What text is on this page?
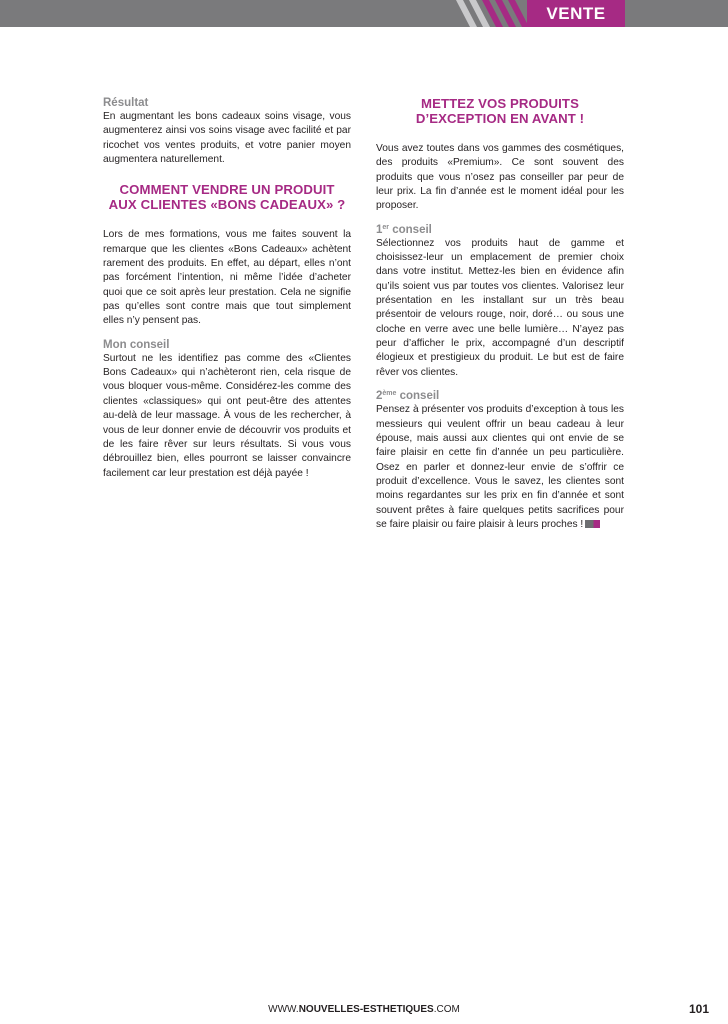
VENTE

Résultat

En augmentant les bons cadeaux soins visage, vous augmenterez ainsi vos soins visage avec facilité et par ricochet vos ventes produits, et votre panier moyen augmentera naturellement.

COMMENT VENDRE UN PRODUIT
AUX CLIENTES «BONS CADEAUX» ?

Lors de mes formations, vous me faites souvent la remarque que les clientes «Bons Cadeaux» achètent rarement des produits. En effet, au départ, elles n’ont pas forcément l’intention, ni même l’idée d’acheter quoi que ce soit après leur prestation. Cela ne signifie pas qu’elles sont contre mais que tout simplement elles n’y pensent pas.

Mon conseil

Surtout ne les identifiez pas comme des «Clientes Bons Cadeaux» qui n’achèteront rien, cela risque de vous bloquer vous-même. Considérez-les comme des clientes «classiques» qui ont peut-être des attentes au-delà de leur massage. À vous de les rechercher, à vous de leur donner envie de découvrir vos produits et de les faire rêver sur leurs résultats. Si vous vous débrouillez bien, elles pourront se laisser convaincre facilement car leur prestation est déjà payée !

METTEZ VOS PRODUITS
D’EXCEPTION EN AVANT !

Vous avez toutes dans vos gammes des cosmétiques, des produits «Premium». Ce sont souvent des produits que vous n’osez pas conseiller par peur de leur prix. La fin d’année est le moment idéal pour les proposer.

1er conseil

Sélectionnez vos produits haut de gamme et choisissez-leur un emplacement de premier choix dans votre institut. Mettez-les bien en évidence afin qu’ils soient vus par toutes vos clientes. Valorisez leur présentation en les installant sur un très beau présentoir de velours rouge, noir, doré… ou sous une cloche en verre avec une belle lumière… N’ayez pas peur d’afficher le prix, accompagné d’un descriptif élogieux et prestigieux du produit. Le but est de faire rêver vos clientes.

2ème conseil

Pensez à présenter vos produits d’exception à tous les messieurs qui veulent offrir un beau cadeau à leur épouse, mais aussi aux clientes qui ont envie de se faire plaisir en cette fin d’année un peu particulière. Osez en parler et donnez-leur envie de s’offrir ce produit d’excellence. Vous le savez, les clientes sont moins regardantes sur les prix en fin d’année et sont souvent prêtes à faire quelques petits sacrifices pour se faire plaisir ou faire plaisir à leurs proches !

WWW.NOUVELLES-ESTHETIQUES.COM	101
